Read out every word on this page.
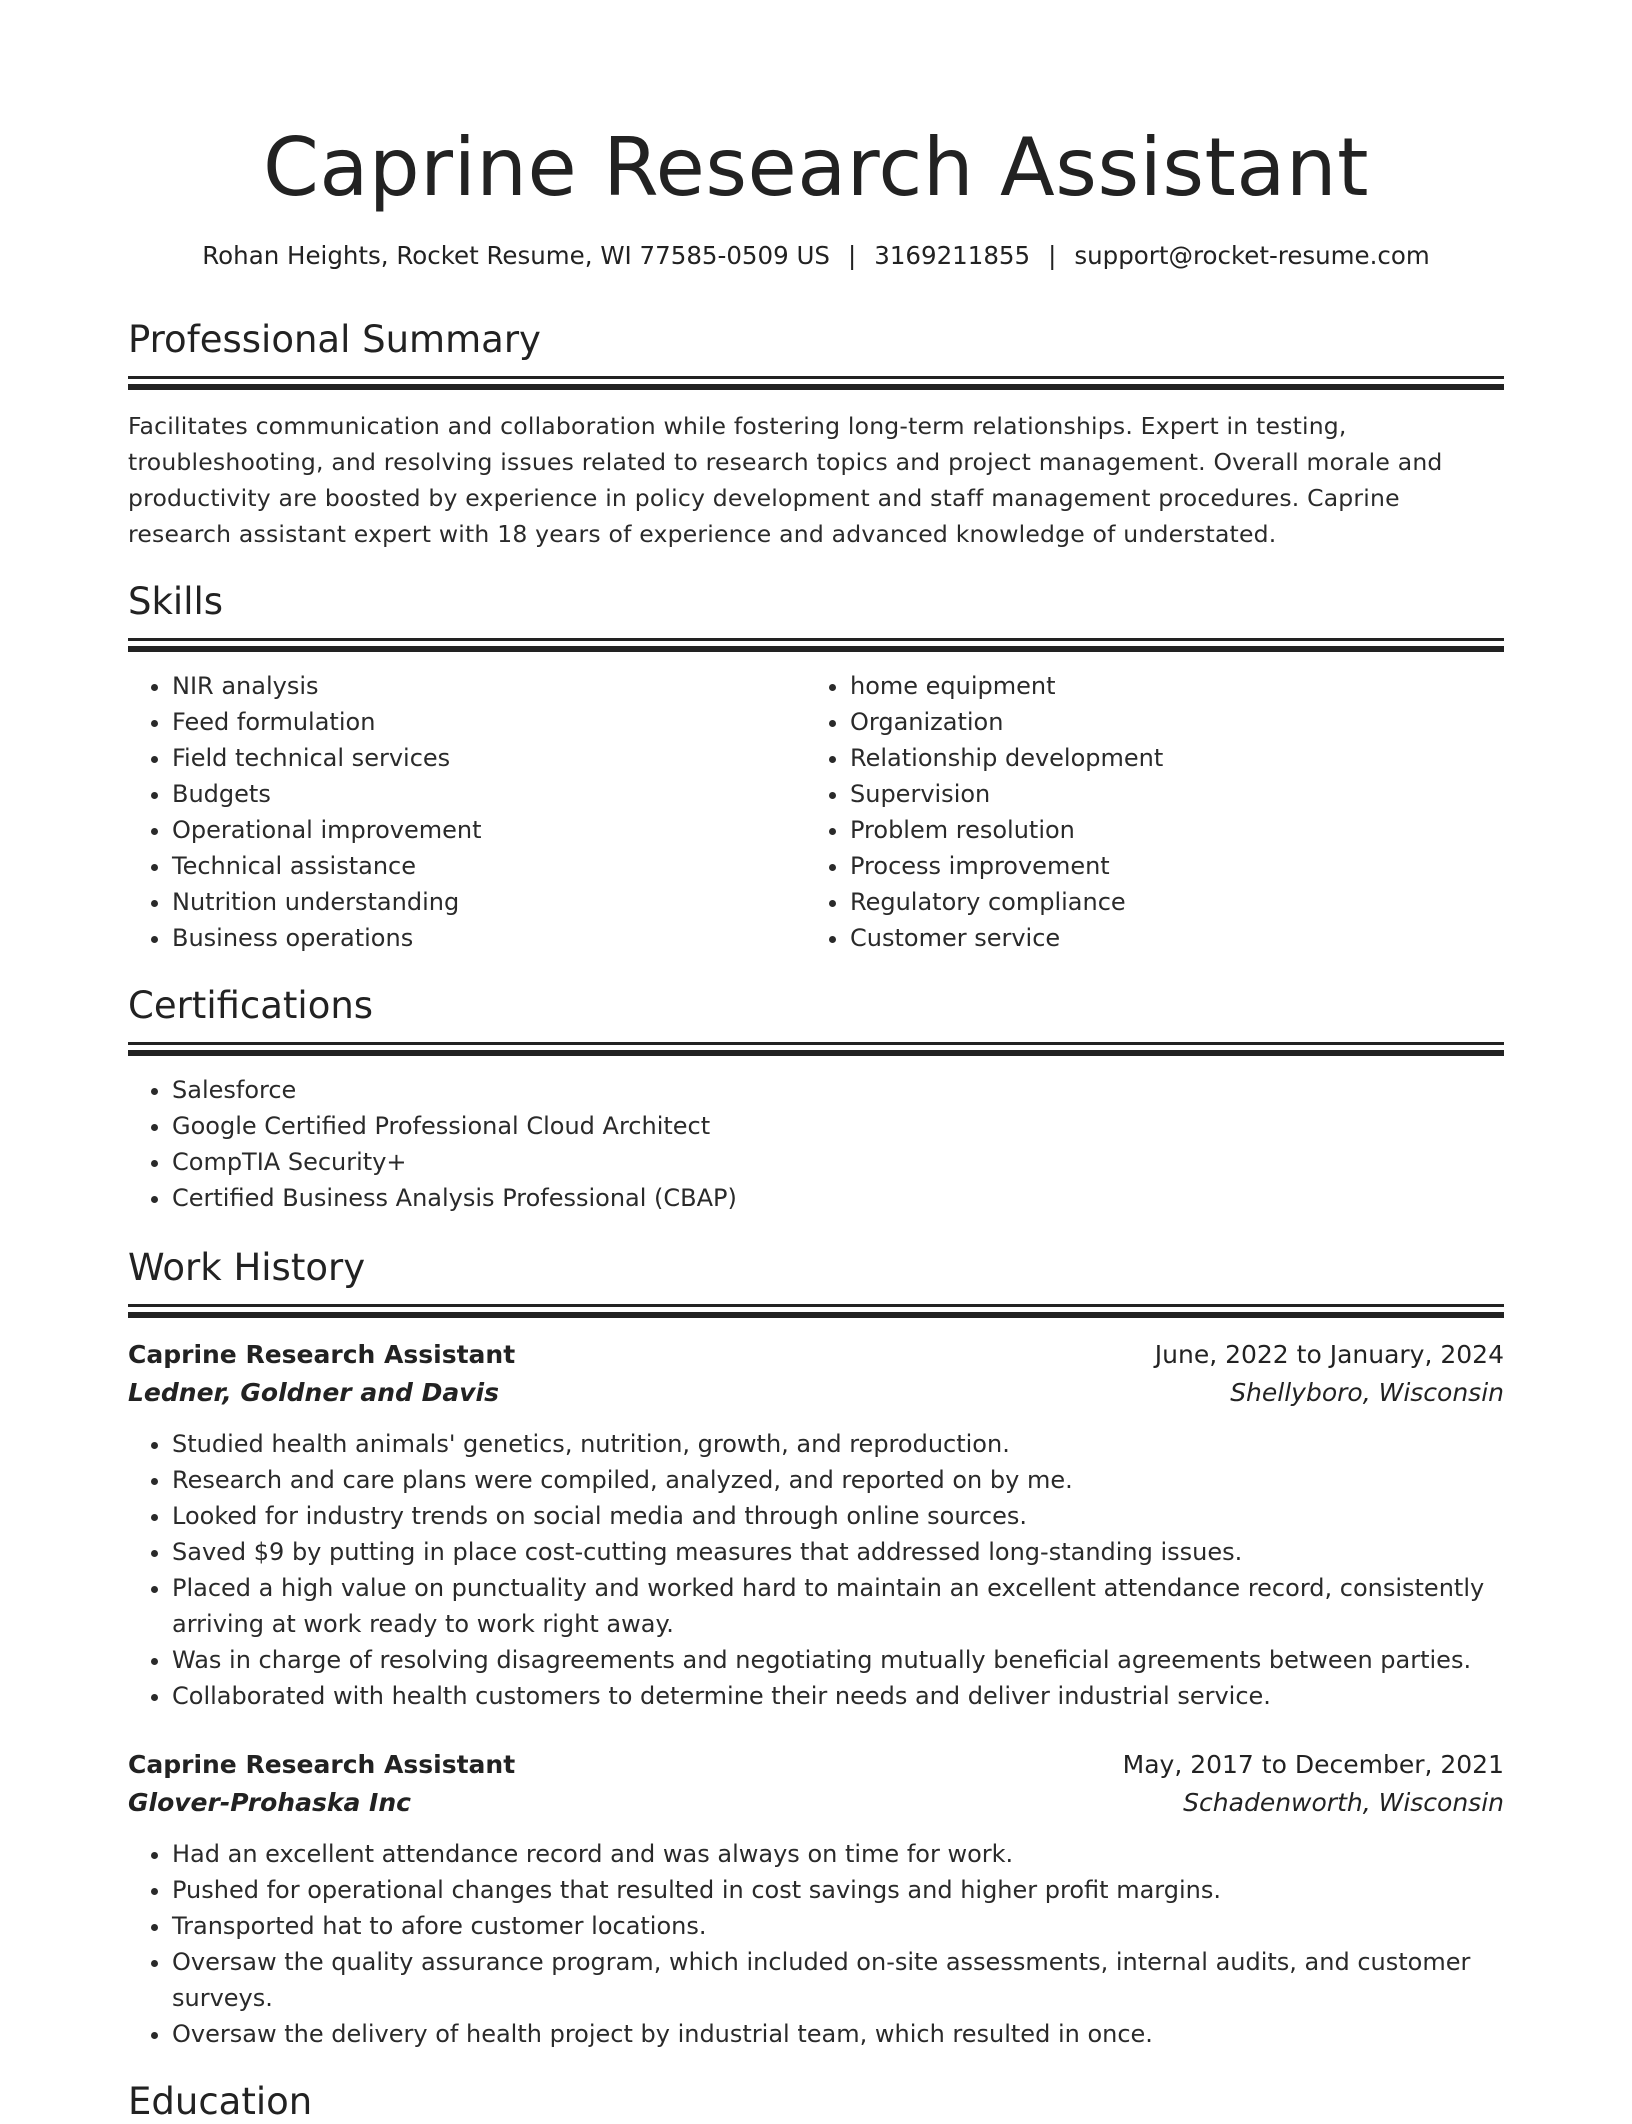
Caprine Research Assistant
Rohan Heights, Rocket Resume, WI 77585-0509 US | 3169211855 | support@rocket-resume.com
Professional Summary
Facilitates communication and collaboration while fostering long-term relationships. Expert in testing, troubleshooting, and resolving issues related to research topics and project management. Overall morale and productivity are boosted by experience in policy development and staff management procedures. Caprine research assistant expert with 18 years of experience and advanced knowledge of understated.
Skills
• NIR analysis
• Feed formulation
• Field technical services
• Budgets
• Operational improvement
• Technical assistance
• Nutrition understanding
• Business operations
• home equipment
• Organization
• Relationship development
• Supervision
• Problem resolution
• Process improvement
• Regulatory compliance
• Customer service
Certifications
• Salesforce
• Google Certified Professional Cloud Architect
• CompTIA Security+
• Certified Business Analysis Professional (CBAP)
Work History
Caprine Research Assistant	June, 2022 to January, 2024
Ledner, Goldner and Davis	Shellyboro, Wisconsin
• Studied health animals' genetics, nutrition, growth, and reproduction.
• Research and care plans were compiled, analyzed, and reported on by me.
• Looked for industry trends on social media and through online sources.
• Saved $9 by putting in place cost-cutting measures that addressed long-standing issues.
• Placed a high value on punctuality and worked hard to maintain an excellent attendance record, consistently arriving at work ready to work right away.
• Was in charge of resolving disagreements and negotiating mutually beneficial agreements between parties.
• Collaborated with health customers to determine their needs and deliver industrial service.
Caprine Research Assistant	May, 2017 to December, 2021
Glover-Prohaska Inc	Schadenworth, Wisconsin
• Had an excellent attendance record and was always on time for work.
• Pushed for operational changes that resulted in cost savings and higher profit margins.
• Transported hat to afore customer locations.
• Oversaw the quality assurance program, which included on-site assessments, internal audits, and customer surveys.
• Oversaw the delivery of health project by industrial team, which resulted in once.
Education
